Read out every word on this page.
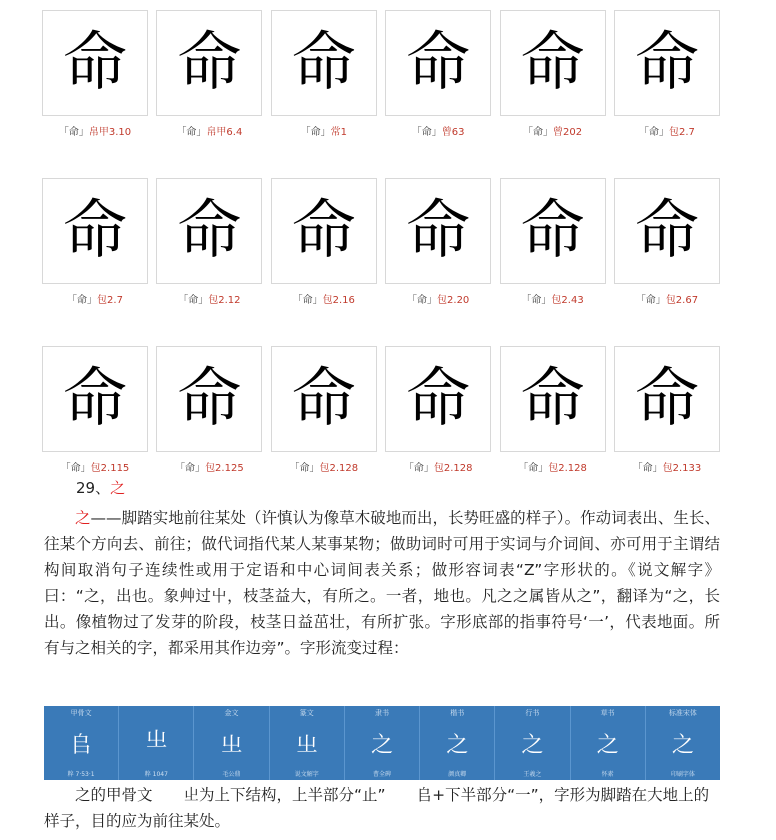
命
「命」帛甲3.10
命
「命」帛甲6.4
命
「命」常1
命
「命」曾63
命
「命」曾202
命
「命」包2.7
命
「命」包2.7
命
「命」包2.12
命
「命」包2.16
命
「命」包2.20
命
「命」包2.43
命
「命」包2.67
命
「命」包2.115
命
「命」包2.125
命
「命」包2.128
命
「命」包2.128
命
「命」包2.128
命
「命」包2.133
29、之
之——脚踏实地前往某处（许慎认为像草木破地而出，长势旺盛的样子）。作动词表出、生长、往某个方向去、前往；做代词指代某人某事某物；做助词时可用于实词与介词间、亦可用于主谓结构间取消句子连续性或用于定语和中心词间表关系；做形容词表“Z”字形状的。《说文解字》曰：“之，出也。象艸过屮，枝茎益大，有所之。一者，地也。凡之之属皆从之”，翻译为“之，长出。像植物过了发芽的阶段，枝茎日益茁壮，有所扩张。字形底部的指事符号‘一’，代表地面。所有与之相关的字，都采用其作边旁”。字形流变过程：
甲骨文
𠂤
粹 7·53·1
㞢
粹 1047
金文
㞢
毛公鼎
篆文
㞢
说文解字
隶书
之
曹全碑
楷书
之
颜真卿
行书
之
王羲之
草书
之
怀素
标准宋体
之
印刷字体
之的甲骨文 𡳿为上下结构，上半部分“止” 𠂤+下半部分“一”，字形为脚踏在大地上的样子，目的应为前往某处。
